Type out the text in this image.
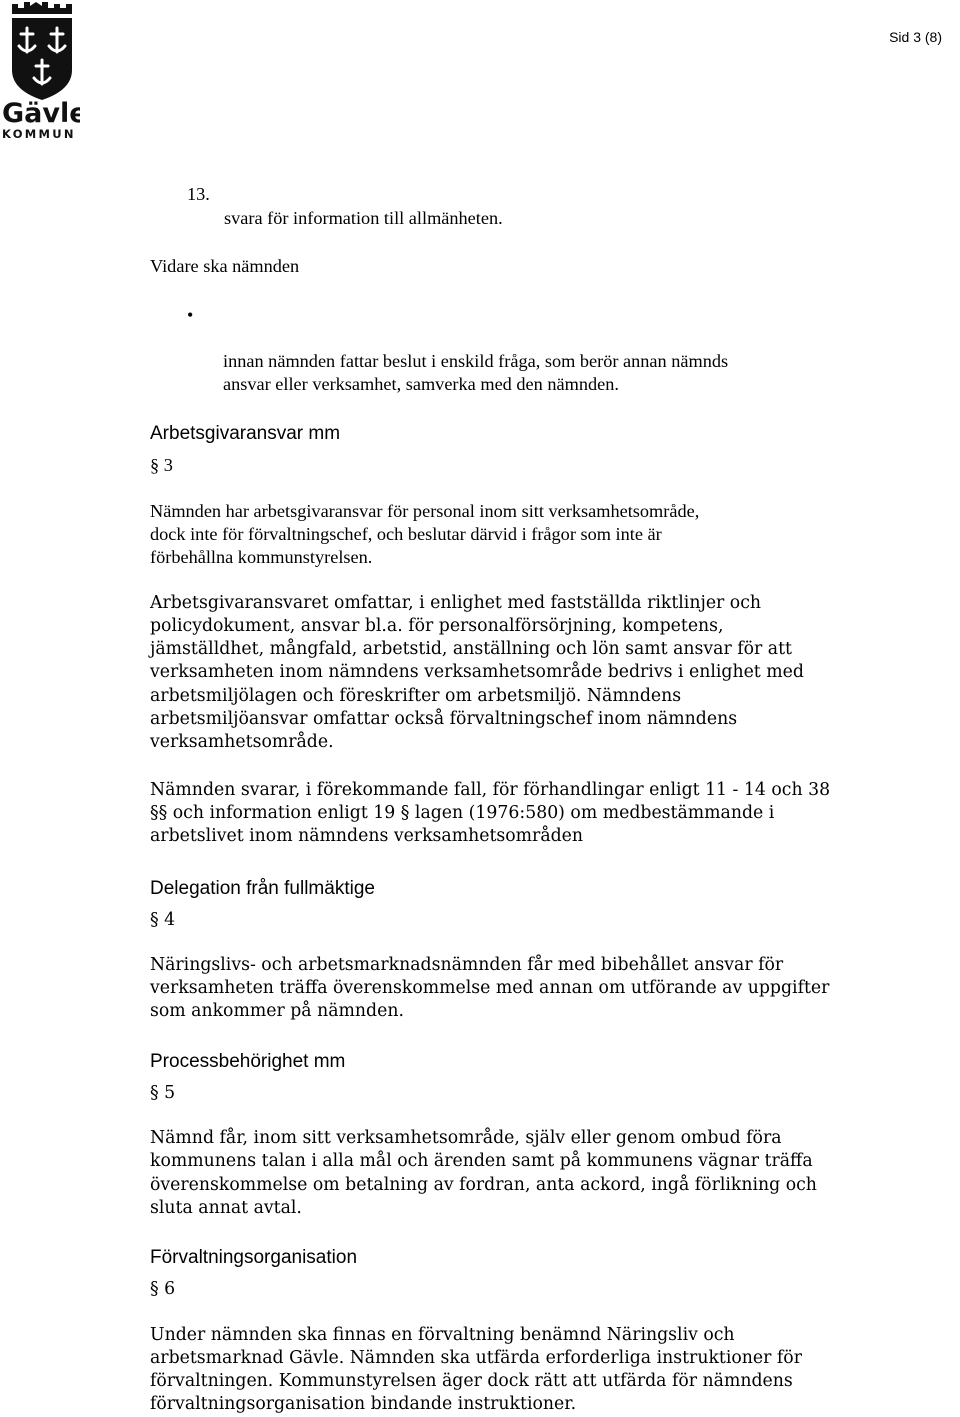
Gävle
KOMMUN
Sid 3 (8)

13.

svara för information till allmänheten.

Vidare ska nämnden

•

innan nämnden fattar beslut i enskild fråga, som berör annan nämnds
ansvar eller verksamhet, samverka med den nämnden.

Arbetsgivaransvar mm
§ 3
Nämnden har arbetsgivaransvar för personal inom sitt verksamhetsområde,
dock inte för förvaltningschef, och beslutar därvid i frågor som inte är
förbehållna kommunstyrelsen.
Arbetsgivaransvaret omfattar, i enlighet med fastställda riktlinjer och
policydokument, ansvar bl.a. för personalförsörjning, kompetens,
jämställdhet, mångfald, arbetstid, anställning och lön samt ansvar för att
verksamheten inom nämndens verksamhetsområde bedrivs i enlighet med
arbetsmiljölagen och föreskrifter om arbetsmiljö. Nämndens
arbetsmiljöansvar omfattar också förvaltningschef inom nämndens
verksamhetsområde.
Nämnden svarar, i förekommande fall, för förhandlingar enligt 11 - 14 och 38
§§ och information enligt 19 § lagen (1976:580) om medbestämmande i
arbetslivet inom nämndens verksamhetsområden
Delegation från fullmäktige
§ 4
Näringslivs- och arbetsmarknadsnämnden får med bibehållet ansvar för
verksamheten träffa överenskommelse med annan om utförande av uppgifter
som ankommer på nämnden.
Processbehörighet mm
§ 5
Nämnd får, inom sitt verksamhetsområde, själv eller genom ombud föra
kommunens talan i alla mål och ärenden samt på kommunens vägnar träffa
överenskommelse om betalning av fordran, anta ackord, ingå förlikning och
sluta annat avtal.
Förvaltningsorganisation
§ 6
Under nämnden ska finnas en förvaltning benämnd Näringsliv och
arbetsmarknad Gävle. Nämnden ska utfärda erforderliga instruktioner för
förvaltningen. Kommunstyrelsen äger dock rätt att utfärda för nämndens
förvaltningsorganisation bindande instruktioner.
